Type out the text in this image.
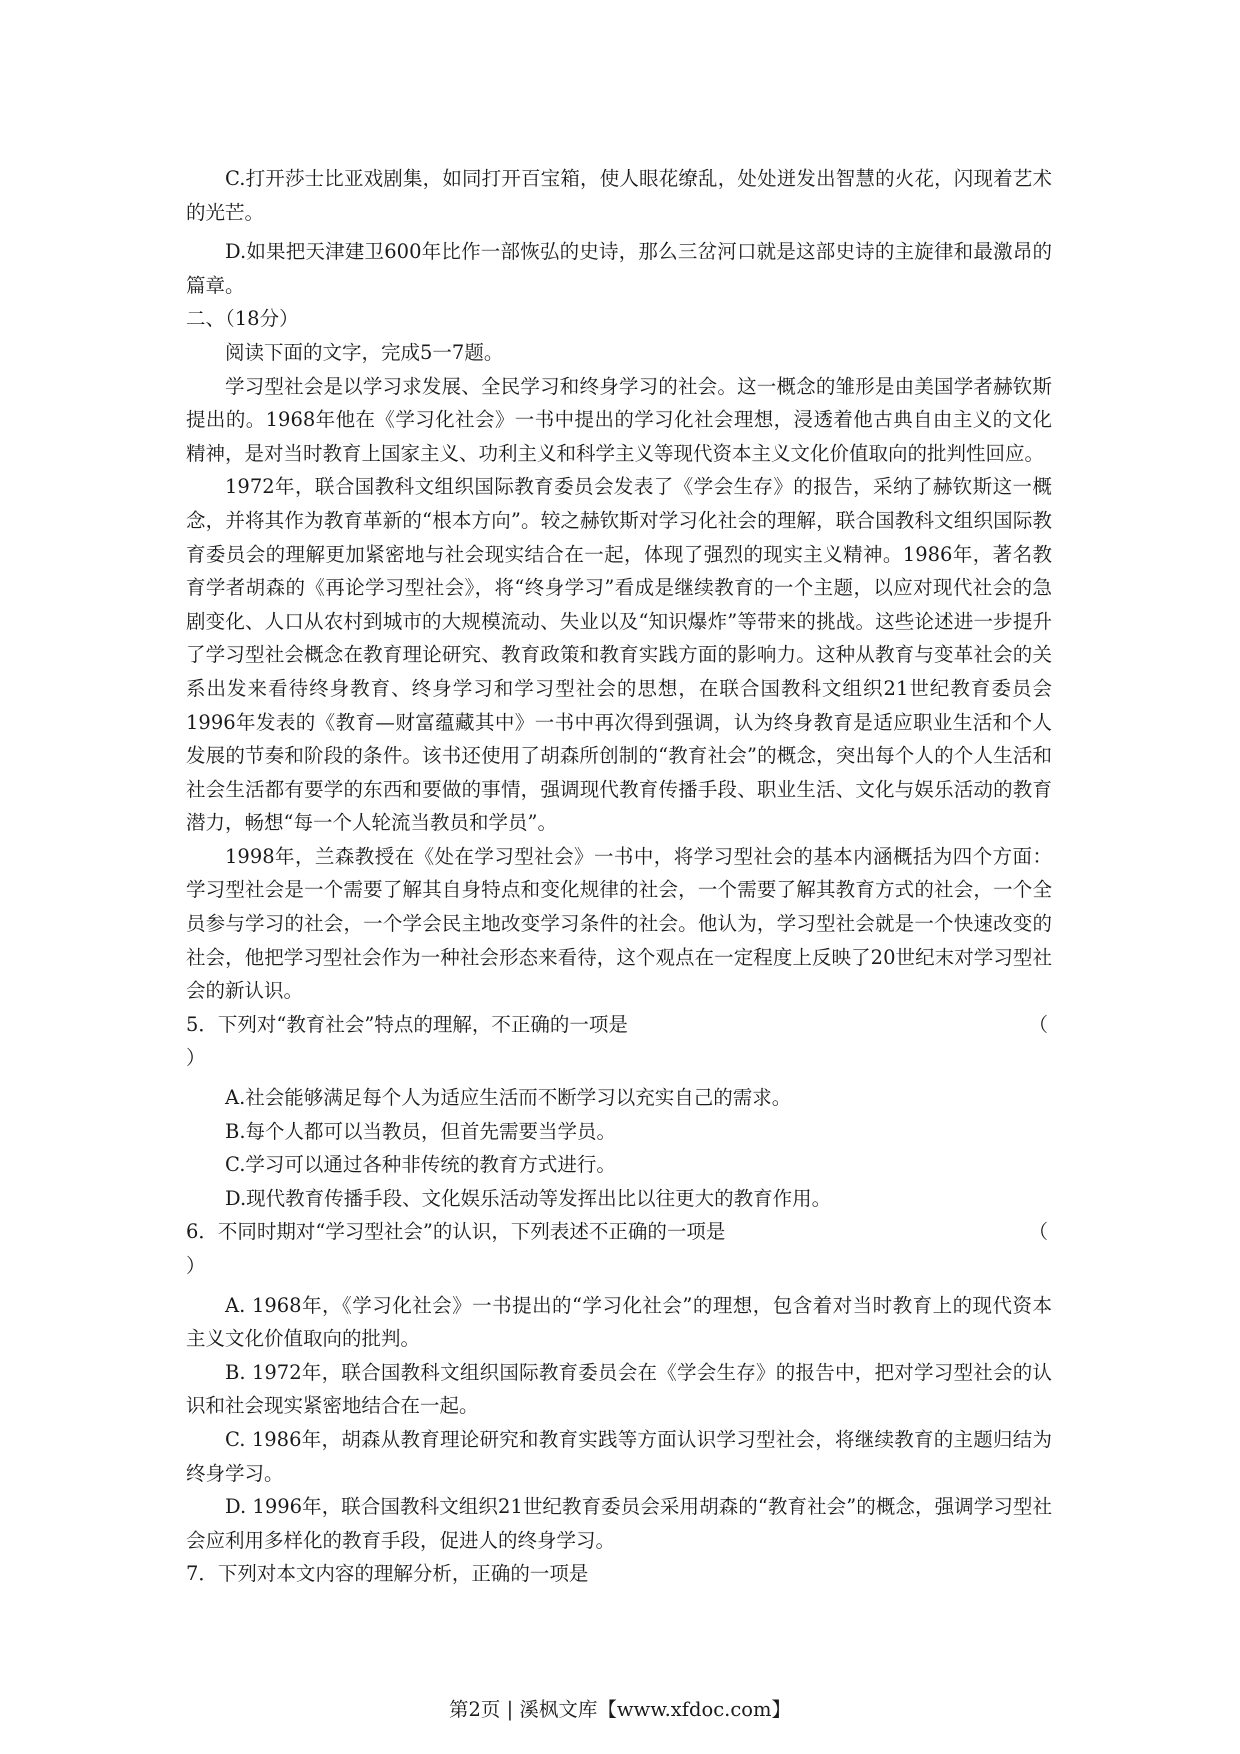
C.打开莎士比亚戏剧集，如同打开百宝箱，使人眼花缭乱，处处迸发出智慧的火花，闪现着艺术的光芒。

D.如果把天津建卫600年比作一部恢弘的史诗，那么三岔河口就是这部史诗的主旋律和最激昂的篇章。

二、（18分）

阅读下面的文字，完成5一7题。

学习型社会是以学习求发展、全民学习和终身学习的社会。这一概念的雏形是由美国学者赫钦斯提出的。1968年他在《学习化社会》一书中提出的学习化社会理想，浸透着他古典自由主义的文化精神，是对当时教育上国家主义、功利主义和科学主义等现代资本主义文化价值取向的批判性回应。

1972年，联合国教科文组织国际教育委员会发表了《学会生存》的报告，采纳了赫钦斯这一概念，并将其作为教育革新的“根本方向”。较之赫钦斯对学习化社会的理解，联合国教科文组织国际教育委员会的理解更加紧密地与社会现实结合在一起，体现了强烈的现实主义精神。1986年，著名教育学者胡森的《再论学习型社会》，将“终身学习”看成是继续教育的一个主题，以应对现代社会的急剧变化、人口从农村到城市的大规模流动、失业以及“知识爆炸”等带来的挑战。这些论述进一步提升了学习型社会概念在教育理论研究、教育政策和教育实践方面的影响力。这种从教育与变革社会的关系出发来看待终身教育、终身学习和学习型社会的思想，在联合国教科文组织21世纪教育委员会1996年发表的《教育—财富蕴藏其中》一书中再次得到强调，认为终身教育是适应职业生活和个人发展的节奏和阶段的条件。该书还使用了胡森所创制的“教育社会”的概念，突出每个人的个人生活和社会生活都有要学的东西和要做的事情，强调现代教育传播手段、职业生活、文化与娱乐活动的教育潜力，畅想“每一个人轮流当教员和学员”。

1998年，兰森教授在《处在学习型社会》一书中，将学习型社会的基本内涵概括为四个方面：学习型社会是一个需要了解其自身特点和变化规律的社会，一个需要了解其教育方式的社会，一个全员参与学习的社会，一个学会民主地改变学习条件的社会。他认为，学习型社会就是一个快速改变的社会，他把学习型社会作为一种社会形态来看待，这个观点在一定程度上反映了20世纪末对学习型社会的新认识。

5．下列对“教育社会”特点的理解，不正确的一项是	（

）

A.社会能够满足每个人为适应生活而不断学习以充实自己的需求。

B.每个人都可以当教员，但首先需要当学员。

C.学习可以通过各种非传统的教育方式进行。

D.现代教育传播手段、文化娱乐活动等发挥出比以往更大的教育作用。

6．不同时期对“学习型社会”的认识，下列表述不正确的一项是	（

）

A. 1968年，《学习化社会》一书提出的“学习化社会”的理想，包含着对当时教育上的现代资本主义文化价值取向的批判。

B. 1972年，联合国教科文组织国际教育委员会在《学会生存》的报告中，把对学习型社会的认识和社会现实紧密地结合在一起。

C. 1986年，胡森从教育理论研究和教育实践等方面认识学习型社会，将继续教育的主题归结为终身学习。

D. 1996年，联合国教科文组织21世纪教育委员会采用胡森的“教育社会”的概念，强调学习型社会应利用多样化的教育手段，促进人的终身学习。

7．下列对本文内容的理解分析，正确的一项是

第2页 | 溪枫文库【www.xfdoc.com】
